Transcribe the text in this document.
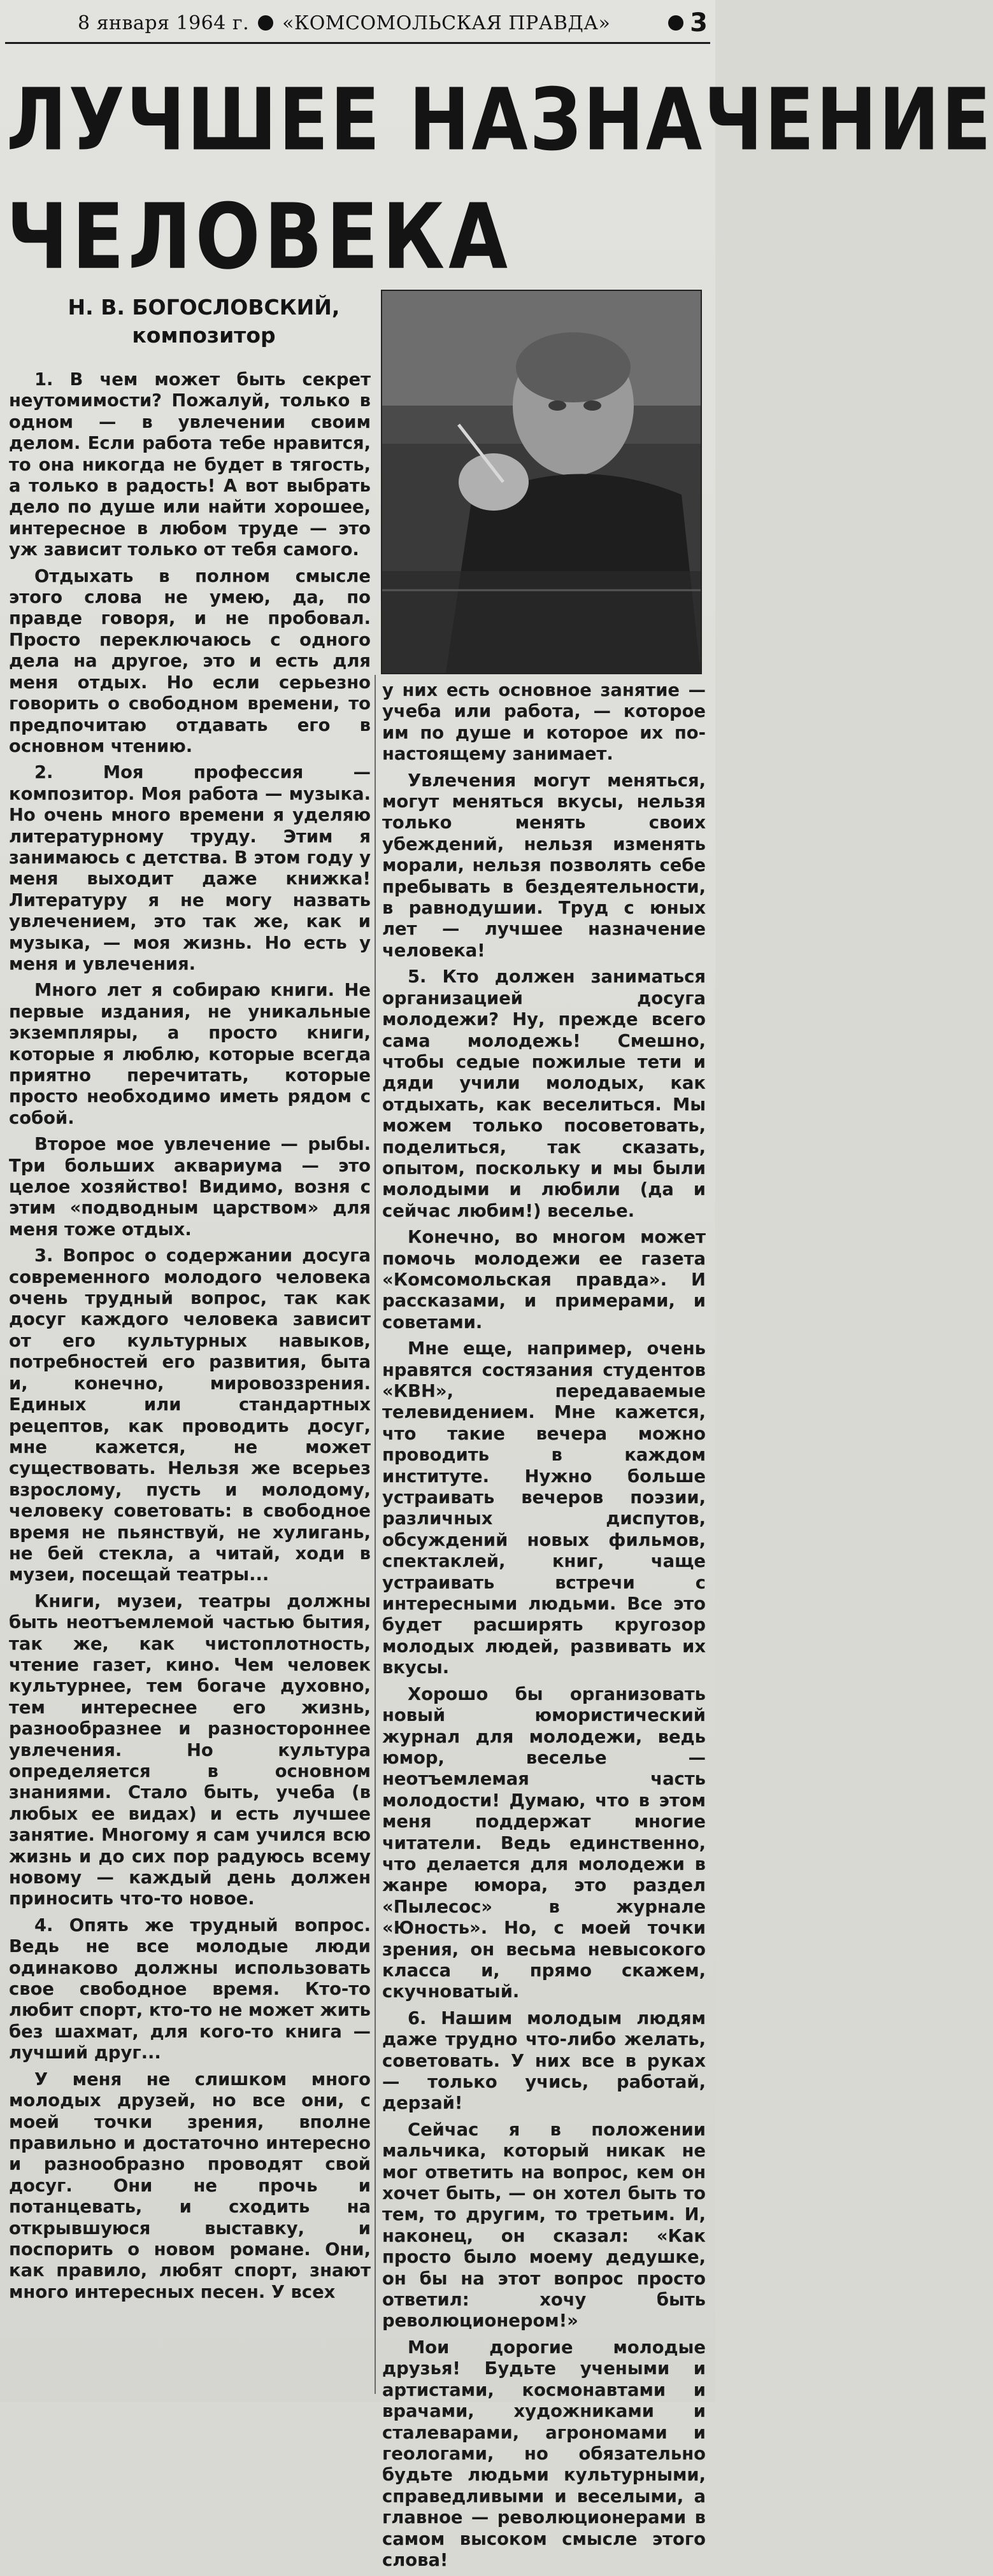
8 января 1964 г. «КОМСОМОЛЬСКАЯ ПРАВДА»	3
ЛУЧШЕЕ НАЗНАЧЕНИЕ
ЧЕЛОВЕКА
Н. В. БОГОСЛОВСКИЙ,
композитор

1. В чем может быть секрет неутомимости? Пожалуй, только в одном — в увлечении своим делом. Если работа тебе нравится, то она никогда не будет в тягость, а только в радость! А вот выбрать дело по душе или найти хорошее, интересное в любом труде — это уж зависит только от тебя самого.

Отдыхать в полном смысле этого слова не умею, да, по правде говоря, и не пробовал. Просто переключаюсь с одного дела на другое, это и есть для меня отдых. Но если серьезно говорить о свободном времени, то предпочитаю отдавать его в основном чтению.

2. Моя профессия — композитор. Моя работа — музыка. Но очень много времени я уделяю литературному труду. Этим я занимаюсь с детства. В этом году у меня выходит даже книжка! Литературу я не могу назвать увлечением, это так же, как и музыка, — моя жизнь. Но есть у меня и увлечения.

Много лет я собираю книги. Не первые издания, не уникальные экземпляры, а просто книги, которые я люблю, которые всегда приятно перечитать, которые просто необходимо иметь рядом с собой.

Второе мое увлечение — рыбы. Три больших аквариума — это целое хозяйство! Видимо, возня с этим «подводным царством» для меня тоже отдых.

3. Вопрос о содержании досуга современного молодого человека очень трудный вопрос, так как досуг каждого человека зависит от его культурных навыков, потребностей его развития, быта и, конечно, мировоззрения. Единых или стандартных рецептов, как проводить досуг, мне кажется, не может существовать. Нельзя же всерьез взрослому, пусть и молодому, человеку советовать: в свободное время не пьянствуй, не хулигань, не бей стекла, а читай, ходи в музеи, посещай театры...

Книги, музеи, театры должны быть неотъемлемой частью бытия, так же, как чистоплотность, чтение газет, кино. Чем человек культурнее, тем богаче духовно, тем интереснее его жизнь, разнообразнее и разностороннее увлечения. Но культура определяется в основном знаниями. Стало быть, учеба (в любых ее видах) и есть лучшее занятие. Многому я сам учился всю жизнь и до сих пор радуюсь всему новому — каждый день должен приносить что-то новое.

4. Опять же трудный вопрос. Ведь не все молодые люди одинаково должны использовать свое свободное время. Кто-то любит спорт, кто-то не может жить без шахмат, для кого-то книга — лучший друг...

У меня не слишком много молодых друзей, но все они, с моей точки зрения, вполне правильно и достаточно интересно и разнообразно проводят свой досуг. Они не прочь и потанцевать, и сходить на открывшуюся выставку, и поспорить о новом романе. Они, как правило, любят спорт, знают много интересных песен. У всех

у них есть основное занятие — учеба или работа, — которое им по душе и которое их по-настоящему занимает.

Увлечения могут меняться, могут меняться вкусы, нельзя только менять своих убеждений, нельзя изменять морали, нельзя позволять себе пребывать в бездеятельности, в равнодушии. Труд с юных лет — лучшее назначение человека!

5. Кто должен заниматься организацией досуга молодежи? Ну, прежде всего сама молодежь! Смешно, чтобы седые пожилые тети и дяди учили молодых, как отдыхать, как веселиться. Мы можем только посоветовать, поделиться, так сказать, опытом, поскольку и мы были молодыми и любили (да и сейчас любим!) веселье.

Конечно, во многом может помочь молодежи ее газета «Комсомольская правда». И рассказами, и примерами, и советами.

Мне еще, например, очень нравятся состязания студентов «КВН», передаваемые телевидением. Мне кажется, что такие вечера можно проводить в каждом институте. Нужно больше устраивать вечеров поэзии, различных диспутов, обсуждений новых фильмов, спектаклей, книг, чаще устраивать встречи с интересными людьми. Все это будет расширять кругозор молодых людей, развивать их вкусы.

Хорошо бы организовать новый юмористический журнал для молодежи, ведь юмор, веселье — неотъемлемая часть молодости! Думаю, что в этом меня поддержат многие читатели. Ведь единственно, что делается для молодежи в жанре юмора, это раздел «Пылесос» в журнале «Юность». Но, с моей точки зрения, он весьма невысокого класса и, прямо скажем, скучноватый.

6. Нашим молодым людям даже трудно что-либо желать, советовать. У них все в руках — только учись, работай, дерзай!

Сейчас я в положении мальчика, который никак не мог ответить на вопрос, кем он хочет быть, — он хотел быть то тем, то другим, то третьим. И, наконец, он сказал: «Как просто было моему дедушке, он бы на этот вопрос просто ответил: хочу быть революционером!»

Мои дорогие молодые друзья! Будьте учеными и артистами, космонавтами и врачами, художниками и сталеварами, агрономами и геологами, но обязательно будьте людьми культурными, справедливыми и веселыми, а главное — революционерами в самом высоком смысле этого слова!
